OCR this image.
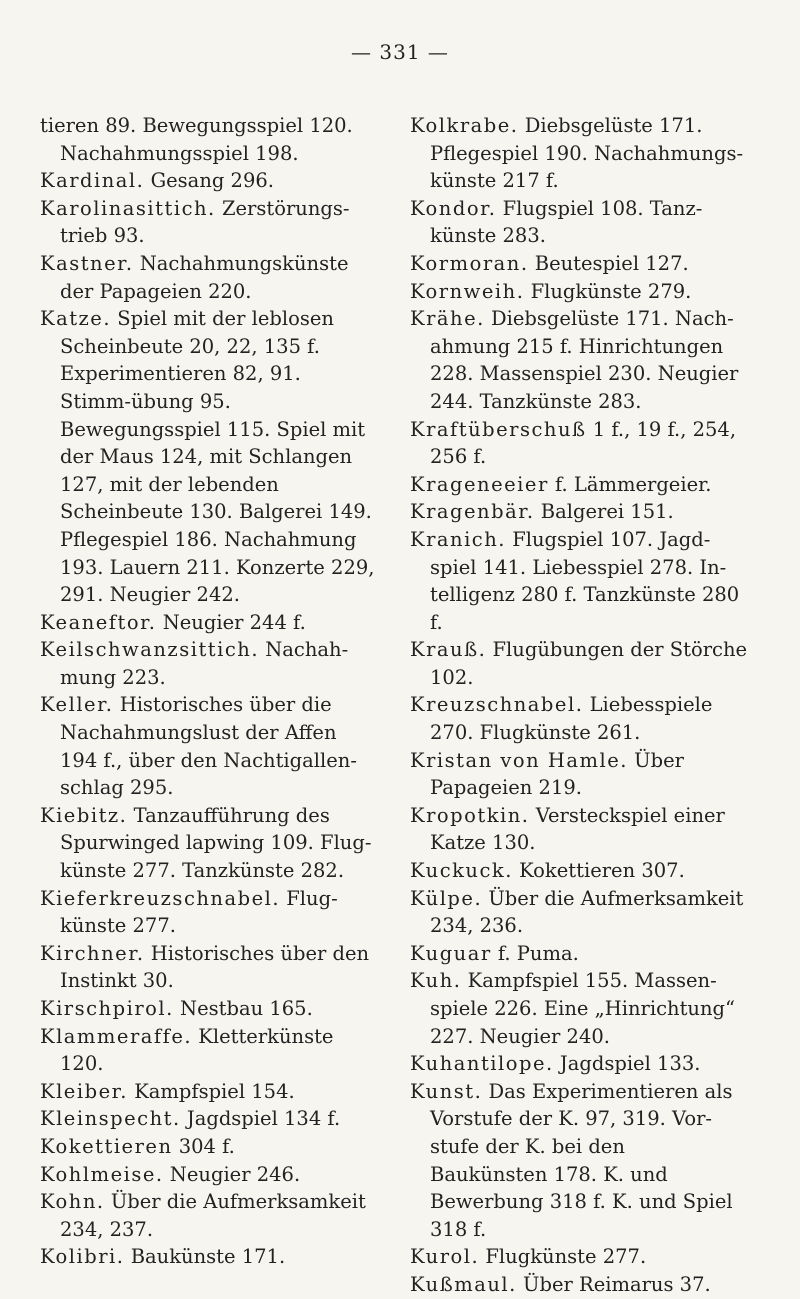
— 331 —

tieren 89. Bewegungsspiel 120. Nachahmungsspiel 198.

Kardinal. Gesang 296.

Karolinasittich. Zerstörungs-trieb 93.

Kastner. Nachahmungskünste der Papageien 220.

Katze. Spiel mit der leblosen Scheinbeute 20, 22, 135 f. Experimentieren 82, 91. Stimm-übung 95. Bewegungsspiel 115. Spiel mit der Maus 124, mit Schlangen 127, mit der lebenden Scheinbeute 130. Balgerei 149. Pflegespiel 186. Nachahmung 193. Lauern 211. Konzerte 229, 291. Neugier 242.

Keaneftor. Neugier 244 f.

Keilschwanzsittich. Nachah-mung 223.

Keller. Historisches über die Nachahmungslust der Affen 194 f., über den Nachtigallen-schlag 295.

Kiebitz. Tanzaufführung des Spurwinged lapwing 109. Flug-künste 277. Tanzkünste 282.

Kieferkreuzschnabel. Flug-künste 277.

Kirchner. Historisches über den Instinkt 30.

Kirschpirol. Nestbau 165.

Klammeraffe. Kletterkünste 120.

Kleiber. Kampfspiel 154.

Kleinspecht. Jagdspiel 134 f.

Kokettieren 304 f.

Kohlmeise. Neugier 246.

Kohn. Über die Aufmerksamkeit 234, 237.

Kolibri. Baukünste 171.

Kolkrabe. Diebsgelüste 171. Pflegespiel 190. Nachahmungs-künste 217 f.

Kondor. Flugspiel 108. Tanz-künste 283.

Kormoran. Beutespiel 127.

Kornweih. Flugkünste 279.

Krähe. Diebsgelüste 171. Nach-ahmung 215 f. Hinrichtungen 228. Massenspiel 230. Neugier 244. Tanzkünste 283.

Kraftüberschuß 1 f., 19 f., 254, 256 f.

Krageneeier f. Lämmergeier.

Kragenbär. Balgerei 151.

Kranich. Flugspiel 107. Jagd-spiel 141. Liebesspiel 278. In-telligenz 280 f. Tanzkünste 280 f.

Krauß. Flugübungen der Störche 102.

Kreuzschnabel. Liebesspiele 270. Flugkünste 261.

Kristan von Hamle. Über Papageien 219.

Kropotkin. Versteckspiel einer Katze 130.

Kuckuck. Kokettieren 307.

Külpe. Über die Aufmerksamkeit 234, 236.

Kuguar f. Puma.

Kuh. Kampfspiel 155. Massen-spiele 226. Eine „Hinrichtung“ 227. Neugier 240.

Kuhantilope. Jagdspiel 133.

Kunst. Das Experimentieren als Vorstufe der K. 97, 319. Vor-stufe der K. bei den Baukünsten 178. K. und Bewerbung 318 f. K. und Spiel 318 f.

Kurol. Flugkünste 277.

Kußmaul. Über Reimarus 37.
